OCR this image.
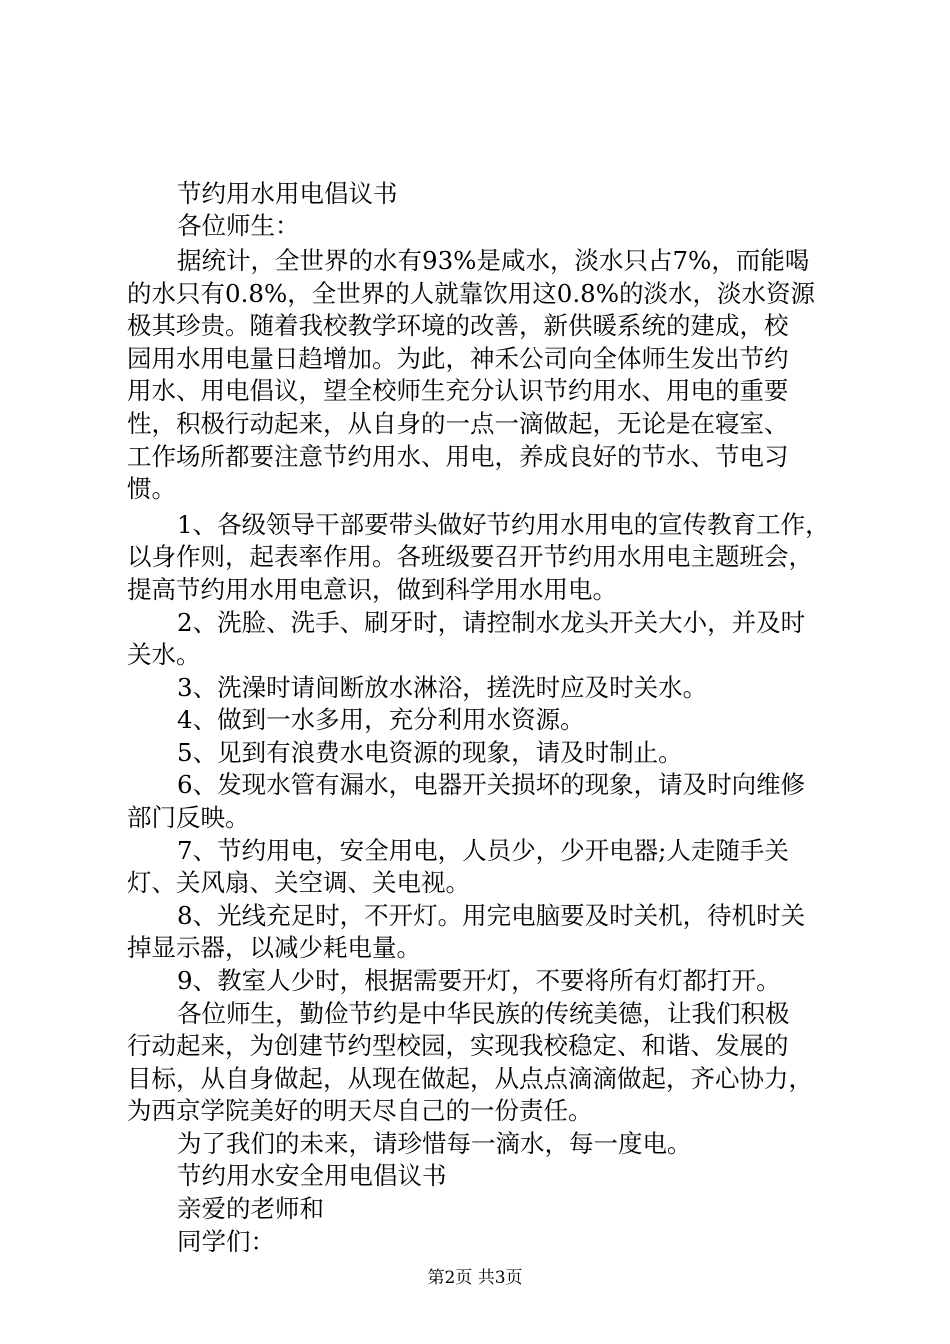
节约用水用电倡议书
各位师生：
据统计，全世界的水有93%是咸水，淡水只占7%，而能喝
的水只有0.8%，全世界的人就靠饮用这0.8%的淡水，淡水资源
极其珍贵。随着我校教学环境的改善，新供暖系统的建成，校
园用水用电量日趋增加。为此，神禾公司向全体师生发出节约
用水、用电倡议，望全校师生充分认识节约用水、用电的重要
性，积极行动起来，从自身的一点一滴做起，无论是在寝室、
工作场所都要注意节约用水、用电，养成良好的节水、节电习
惯。
1、各级领导干部要带头做好节约用水用电的宣传教育工作，
以身作则，起表率作用。各班级要召开节约用水用电主题班会，
提高节约用水用电意识，做到科学用水用电。
2、洗脸、洗手、刷牙时，请控制水龙头开关大小，并及时
关水。
3、洗澡时请间断放水淋浴，搓洗时应及时关水。
4、做到一水多用，充分利用水资源。
5、见到有浪费水电资源的现象，请及时制止。
6、发现水管有漏水，电器开关损坏的现象，请及时向维修
部门反映。
7、节约用电，安全用电，人员少，少开电器;人走随手关
灯、关风扇、关空调、关电视。
8、光线充足时，不开灯。用完电脑要及时关机，待机时关
掉显示器，以减少耗电量。
9、教室人少时，根据需要开灯，不要将所有灯都打开。
各位师生，勤俭节约是中华民族的传统美德，让我们积极
行动起来，为创建节约型校园，实现我校稳定、和谐、发展的
目标，从自身做起，从现在做起，从点点滴滴做起，齐心协力，
为西京学院美好的明天尽自己的一份责任。
为了我们的未来，请珍惜每一滴水，每一度电。
节约用水安全用电倡议书
亲爱的老师和
同学们：
第2页 共3页
